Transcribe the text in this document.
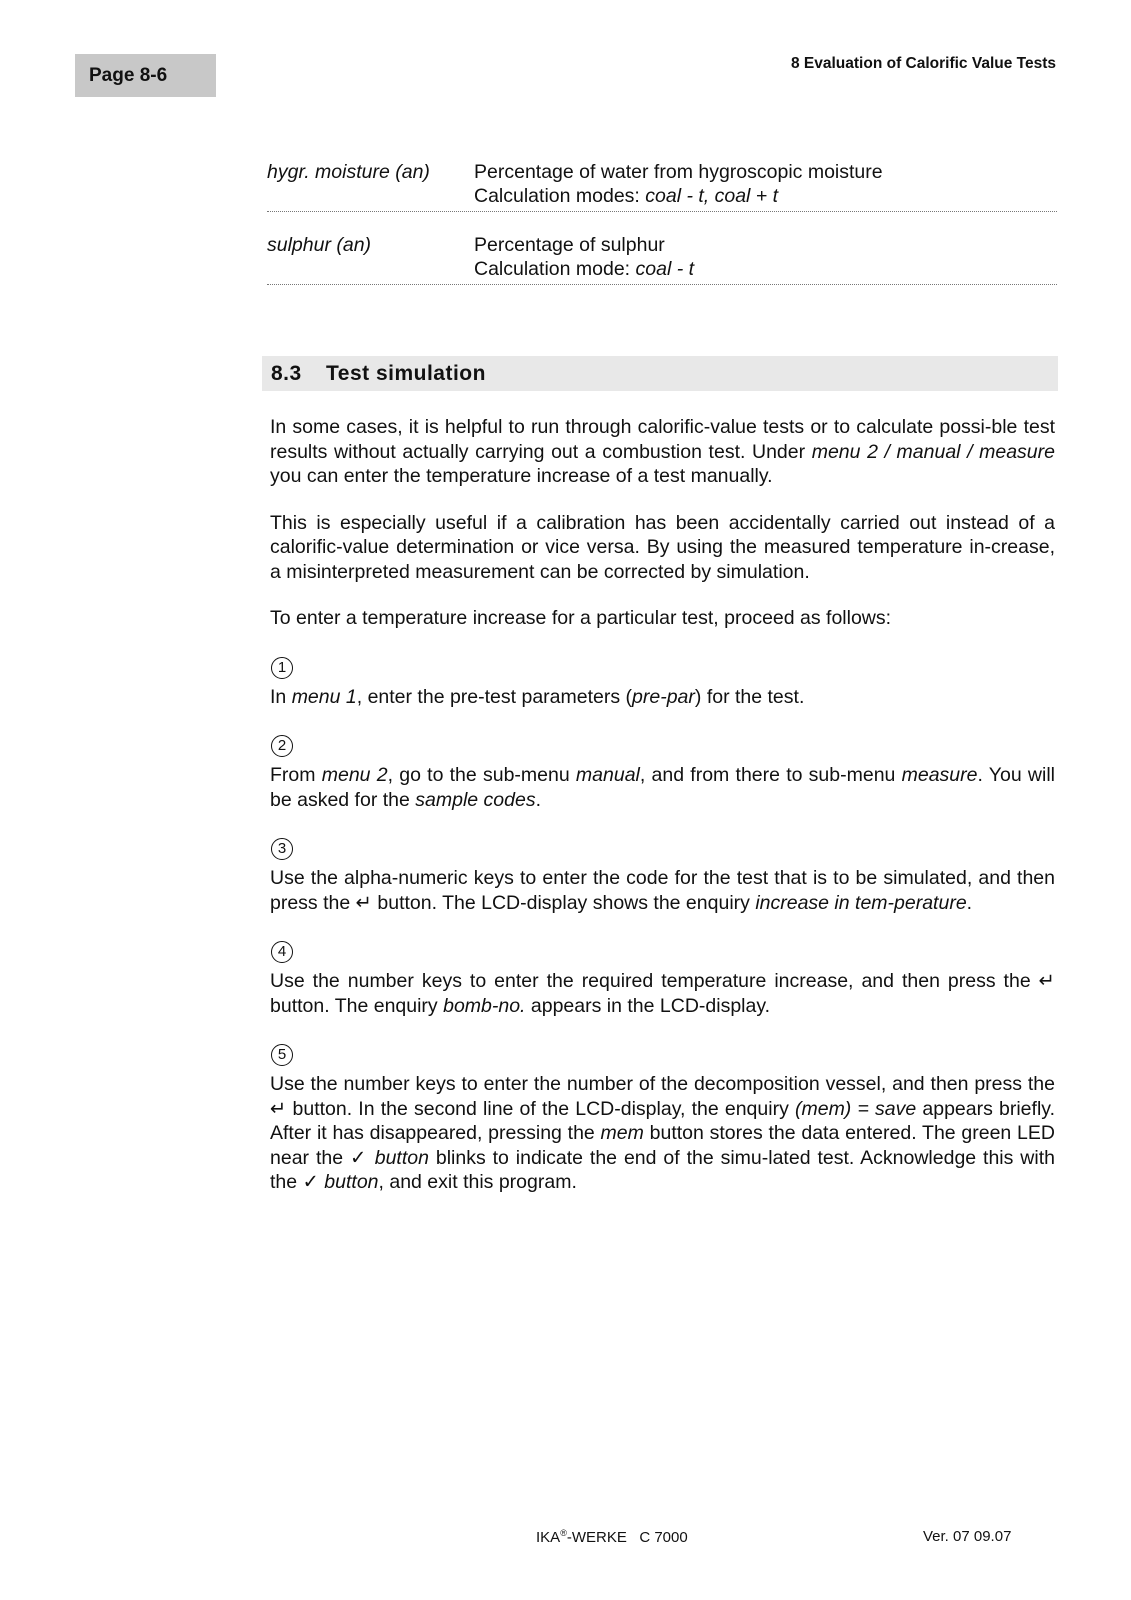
Page 8-6
8 Evaluation of Calorific Value Tests
hygr. moisture (an)	Percentage of water from hygroscopic moisture
Calculation modes: coal - t, coal + t
sulphur (an)	Percentage of sulphur
Calculation mode: coal - t
8.3 Test simulation

In some cases, it is helpful to run through calorific-value tests or to calculate possi-ble test results without actually carrying out a combustion test. Under menu 2 / manual / measure you can enter the temperature increase of a test manually.

This is especially useful if a calibration has been accidentally carried out instead of a calorific-value determination or vice versa. By using the measured temperature in-crease, a misinterpreted measurement can be corrected by simulation.

To enter a temperature increase for a particular test, proceed as follows:

1

In menu 1, enter the pre-test parameters (pre-par) for the test.

2

From menu 2, go to the sub-menu manual, and from there to sub-menu measure. You will be asked for the sample codes.

3

Use the alpha-numeric keys to enter the code for the test that is to be simulated, and then press the ↵ button. The LCD-display shows the enquiry increase in tem-perature.

4

Use the number keys to enter the required temperature increase, and then press the ↵ button. The enquiry bomb-no. appears in the LCD-display.

5

Use the number keys to enter the number of the decomposition vessel, and then press the ↵ button. In the second line of the LCD-display, the enquiry (mem) = save appears briefly. After it has disappeared, pressing the mem button stores the data entered. The green LED near the ✓ button blinks to indicate the end of the simu-lated test. Acknowledge this with the ✓ button, and exit this program.

IKA®-WERKE   C 7000	Ver. 07 09.07
